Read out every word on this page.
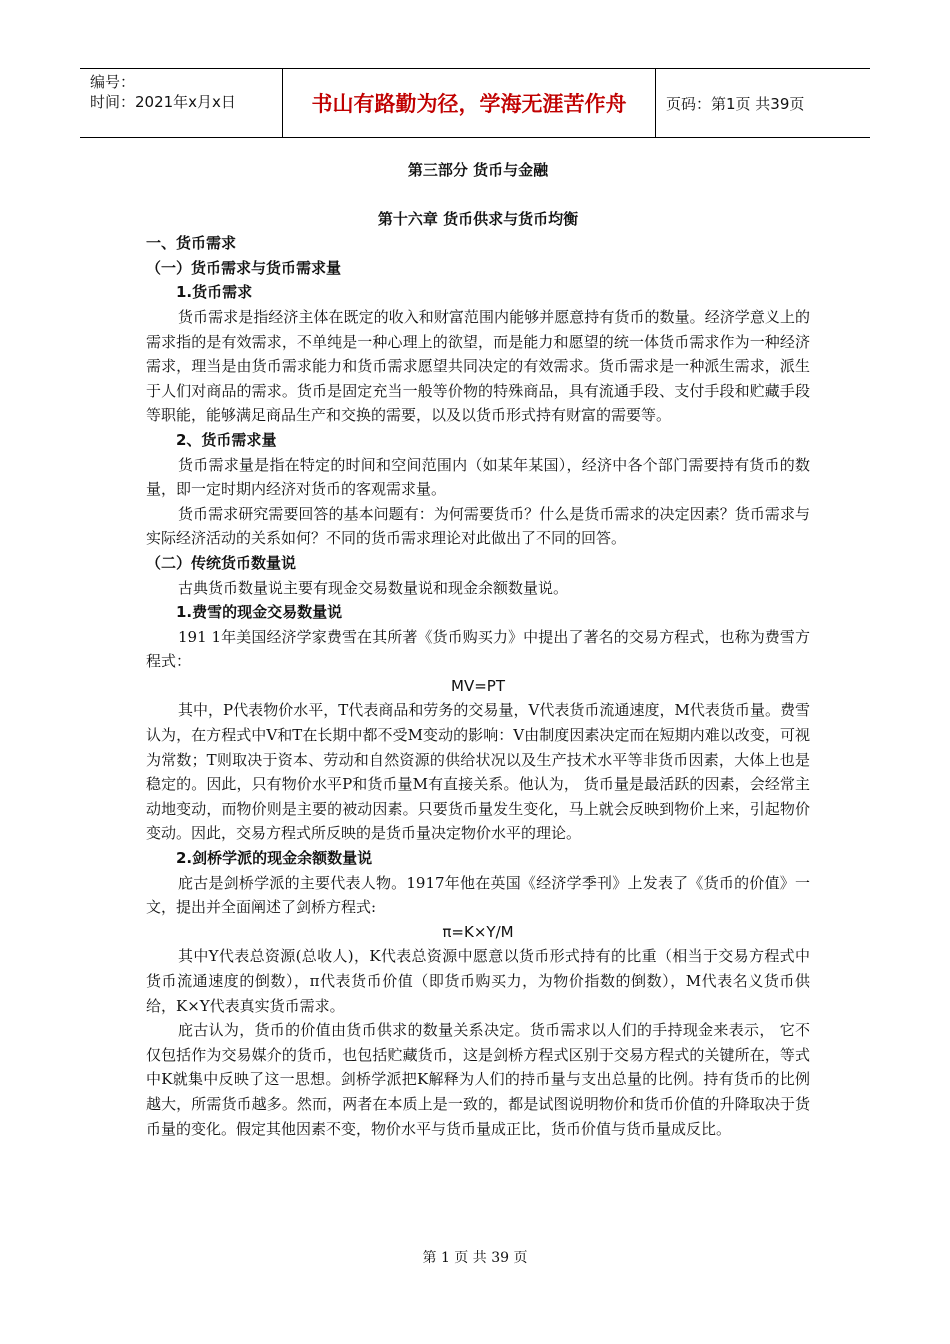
编号：
时间：2021年x月x日	书山有路勤为径，学海无涯苦作舟	页码：第1页 共39页

第三部分 货币与金融

第十六章 货币供求与货币均衡

一、货币需求

（一）货币需求与货币需求量

1.货币需求

货币需求是指经济主体在既定的收入和财富范围内能够并愿意持有货币的数量。经济学意义上的需求指的是有效需求，不单纯是一种心理上的欲望，而是能力和愿望的统一体货币需求作为一种经济需求，理当是由货币需求能力和货币需求愿望共同决定的有效需求。货币需求是一种派生需求，派生于人们对商品的需求。货币是固定充当一般等价物的特殊商品，具有流通手段、支付手段和贮藏手段等职能，能够满足商品生产和交换的需要，以及以货币形式持有财富的需要等。

2、货币需求量

货币需求量是指在特定的时间和空间范围内（如某年某国），经济中各个部门需要持有货币的数量，即一定时期内经济对货币的客观需求量。

货币需求研究需要回答的基本问题有：为何需要货币？什么是货币需求的决定因素？货币需求与实际经济活动的关系如何？不同的货币需求理论对此做出了不同的回答。

（二）传统货币数量说

古典货币数量说主要有现金交易数量说和现金余额数量说。

1.费雪的现金交易数量说

191 1年美国经济学家费雪在其所著《货币购买力》中提出了著名的交易方程式，也称为费雪方程式：

MV=PT

其中，P代表物价水平，T代表商品和劳务的交易量，V代表货币流通速度，M代表货币量。费雪认为，在方程式中V和T在长期中都不受M变动的影响：V由制度因素决定而在短期内难以改变，可视为常数；T则取决于资本、劳动和自然资源的供给状况以及生产技术水平等非货币因素，大体上也是稳定的。因此，只有物价水平P和货币量M有直接关系。他认为， 货币量是最活跃的因素，会经常主动地变动，而物价则是主要的被动因素。只要货币量发生变化，马上就会反映到物价上来，引起物价变动。因此，交易方程式所反映的是货币量决定物价水平的理论。

2.剑桥学派的现金余额数量说

庇古是剑桥学派的主要代表人物。1917年他在英国《经济学季刊》上发表了《货币的价值》一文，提出并全面阐述了剑桥方程式:

π=K×Y/M

其中Y代表总资源(总收人)，K代表总资源中愿意以货币形式持有的比重（相当于交易方程式中货币流通速度的倒数），π代表货币价值（即货币购买力，为物价指数的倒数），M代表名义货币供给，K×Y代表真实货币需求。

庇古认为，货币的价值由货币供求的数量关系决定。货币需求以人们的手持现金来表示， 它不仅包括作为交易媒介的货币，也包括贮藏货币，这是剑桥方程式区别于交易方程式的关键所在，等式中K就集中反映了这一思想。剑桥学派把K解释为人们的持币量与支出总量的比例。持有货币的比例越大，所需货币越多。然而，两者在本质上是一致的，都是试图说明物价和货币价值的升降取决于货币量的变化。假定其他因素不变，物价水平与货币量成正比，货币价值与货币量成反比。

第 1 页 共 39 页
